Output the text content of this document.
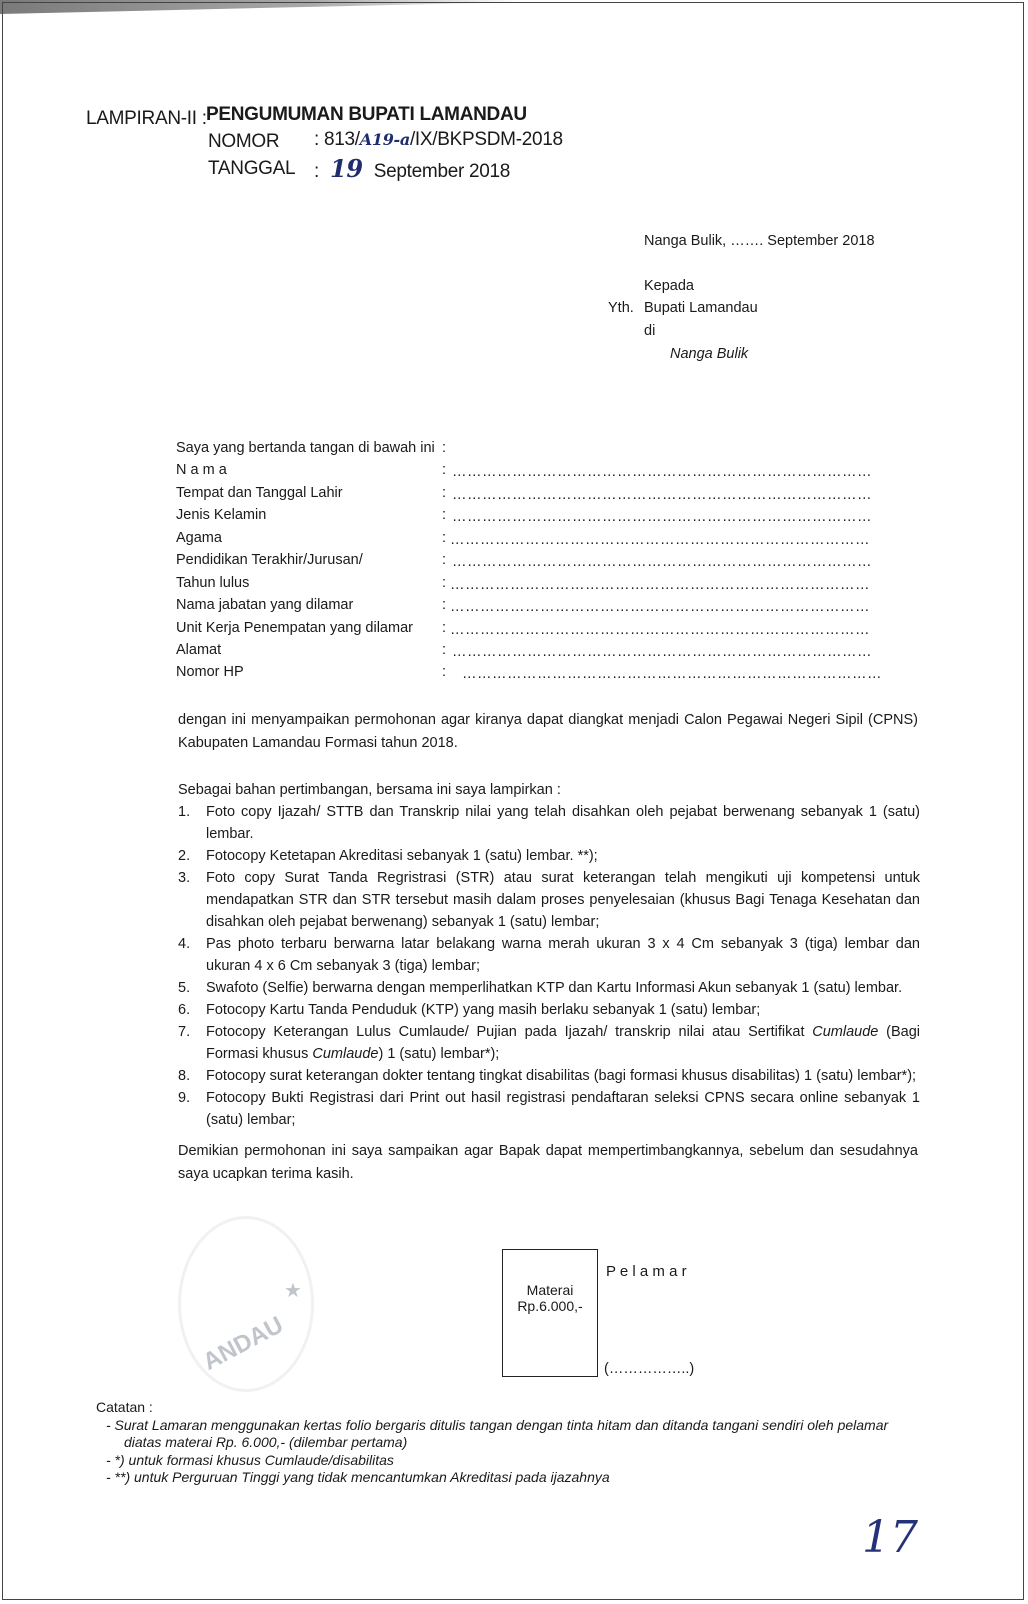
LAMPIRAN-II : PENGUMUMAN BUPATI LAMANDAU
NOMOR : 813/A19-a/IX/BKPSDM-2018
TANGGAL : 19 September 2018
Nanga Bulik, ……. September 2018
Kepada
Yth. Bupati Lamandau
di
Nanga Bulik
Saya yang bertanda tangan di bawah ini :
N a m a	: …………………………………………………………………………
Tempat dan Tanggal Lahir	: …………………………………………………………………………
Jenis Kelamin	: …………………………………………………………………………
Agama	: …………………………………………………………………………
Pendidikan Terakhir/Jurusan/	: …………………………………………………………………………
Tahun lulus	: …………………………………………………………………………
Nama jabatan yang dilamar	: …………………………………………………………………………
Unit Kerja Penempatan yang dilamar : …………………………………………………………………………
Alamat	: …………………………………………………………………………
Nomor HP	: …………………………………………………………………………
dengan ini menyampaikan permohonan agar kiranya dapat diangkat menjadi Calon Pegawai Negeri Sipil (CPNS) Kabupaten Lamandau Formasi tahun 2018.
Sebagai bahan pertimbangan, bersama ini saya lampirkan :
1. Foto copy Ijazah/ STTB dan Transkrip nilai yang telah disahkan oleh pejabat berwenang sebanyak 1 (satu) lembar.
2. Fotocopy Ketetapan Akreditasi sebanyak 1 (satu) lembar. **);
3. Foto copy Surat Tanda Regristrasi (STR) atau surat keterangan telah mengikuti uji kompetensi untuk mendapatkan STR dan STR tersebut masih dalam proses penyelesaian (khusus Bagi Tenaga Kesehatan dan disahkan oleh pejabat berwenang) sebanyak 1 (satu) lembar;
4. Pas photo terbaru berwarna latar belakang warna merah ukuran 3 x 4 Cm sebanyak 3 (tiga) lembar dan ukuran 4 x 6 Cm sebanyak 3 (tiga) lembar;
5. Swafoto (Selfie) berwarna dengan memperlihatkan KTP dan Kartu Informasi Akun sebanyak 1 (satu) lembar.
6. Fotocopy Kartu Tanda Penduduk (KTP) yang masih berlaku sebanyak 1 (satu) lembar;
7. Fotocopy Keterangan Lulus Cumlaude/ Pujian pada Ijazah/ transkrip nilai atau Sertifikat Cumlaude (Bagi Formasi khusus Cumlaude) 1 (satu) lembar*);
8. Fotocopy surat keterangan dokter tentang tingkat disabilitas (bagi formasi khusus disabilitas) 1 (satu) lembar*);
9. Fotocopy Bukti Registrasi dari Print out hasil registrasi pendaftaran seleksi CPNS secara online sebanyak 1 (satu) lembar;
Demikian permohonan ini saya sampaikan agar Bapak dapat mempertimbangkannya, sebelum dan sesudahnya saya ucapkan terima kasih.
ANDAU
★	Materai
Rp.6.000,-
P e l a m a r
(……………..)
Catatan :
- Surat Lamaran menggunakan kertas folio bergaris ditulis tangan dengan tinta hitam dan ditanda tangani sendiri oleh pelamar
diatas materai Rp. 6.000,- (dilembar pertama)
- *) untuk formasi khusus Cumlaude/disabilitas
- **) untuk Perguruan Tinggi yang tidak mencantumkan Akreditasi pada ijazahnya
17
